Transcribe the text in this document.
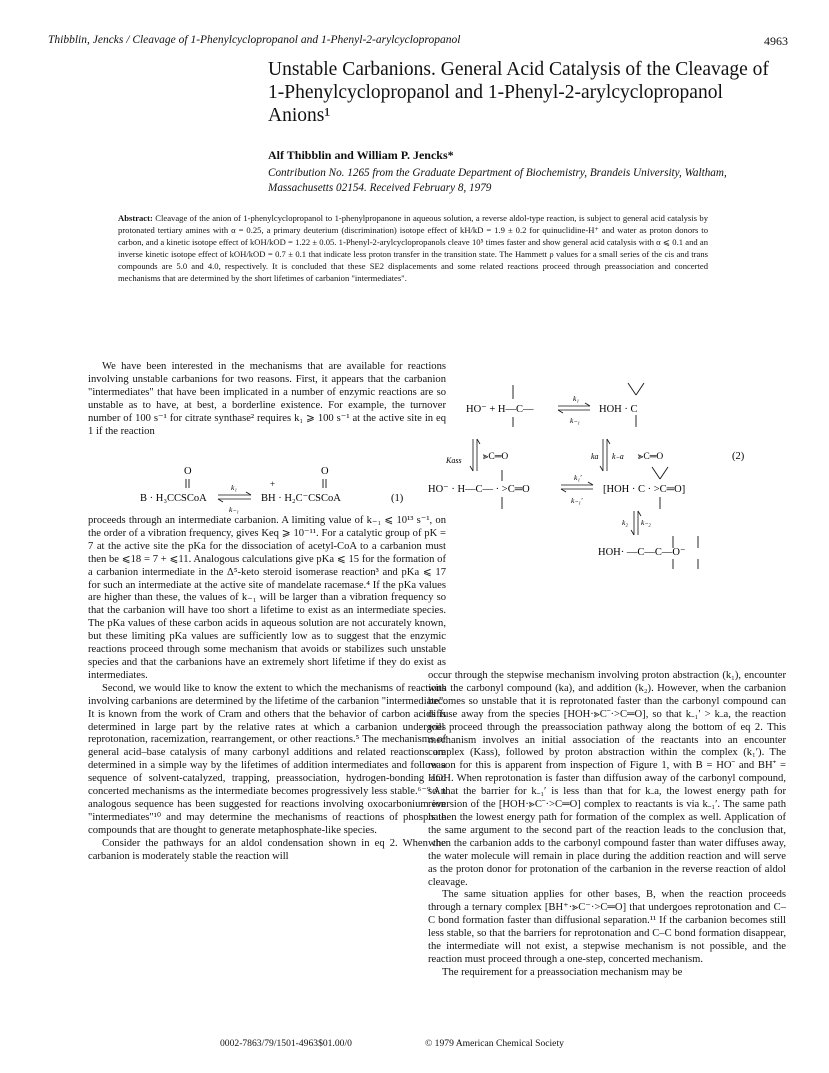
Thibblin, Jencks / Cleavage of 1-Phenylcyclopropanol and 1-Phenyl-2-arylcyclopropanol	4963
Unstable Carbanions. General Acid Catalysis of the Cleavage of 1-Phenylcyclopropanol and 1-Phenyl-2-arylcyclopropanol Anions¹
Alf Thibblin and William P. Jencks*
Contribution No. 1265 from the Graduate Department of Biochemistry, Brandeis University, Waltham, Massachusetts 02154. Received February 8, 1979
Abstract: Cleavage of the anion of 1-phenylcyclopropanol to 1-phenylpropanone in aqueous solution, a reverse aldol-type reaction, is subject to general acid catalysis by protonated tertiary amines with α = 0.25, a primary deuterium (discrimination) isotope effect of kH/kD = 1.9 ± 0.2 for quinuclidine-H⁺ and water as proton donors to carbon, and a kinetic isotope effect of kOH/kOD = 1.22 ± 0.05. 1-Phenyl-2-arylcyclopropanols cleave 10⁵ times faster and show general acid catalysis with α ⩽ 0.1 and an inverse kinetic isotope effect of kOH/kOD = 0.7 ± 0.1 that indicate less proton transfer in the transition state. The Hammett ρ values for a small series of the cis and trans compounds are 5.0 and 4.0, respectively. It is concluded that these SE2 displacements and some related reactions proceed through preassociation and concerted mechanisms that are determined by the short lifetimes of carbanion "intermediates".

We have been interested in the mechanisms that are available for reactions involving unstable carbanions for two reasons. First, it appears that the carbanion "intermediates" that have been implicated in a number of enzymic reactions are so unstable as to have, at best, a borderline existence. For example, the turnover number of 100 s⁻¹ for citrate synthase² requires k₁ ⩾ 100 s⁻¹ at the active site in eq 1 if the reaction

O	O
+
B · H₃CCSCoA
k₁
k₋₁
BH · H₂C⁻CSCoA	(1)

proceeds through an intermediate carbanion. A limiting value of k₋₁ ⩽ 10¹³ s⁻¹, on the order of a vibration frequency, gives Keq ⩾ 10⁻¹¹. For a catalytic group of pK = 7 at the active site the pKa for the dissociation of acetyl-CoA to a carbanion must then be ⩽18 = 7 + ⩽11. Analogous calculations give pKa ⩽ 15 for the formation of a carbanion intermediate in the Δ⁵-keto steroid isomerase reaction³ and pKa ⩽ 17 for such an intermediate at the active site of mandelate racemase.⁴ If the pKa values are higher than these, the values of k₋₁ will be larger than a vibration frequency so that the carbanion will have too short a lifetime to exist as an intermediate species. The pKa values of these carbon acids in aqueous solution are not accurately known, but these limiting pKa values are sufficiently low as to suggest that the enzymic reactions proceed through some mechanism that avoids or stabilizes such unstable species and that the carbanions have an extremely short lifetime if they do exist as intermediates.

Second, we would like to know the extent to which the mechanisms of reactions involving carbanions are determined by the lifetime of the carbanion "intermediate". It is known from the work of Cram and others that the behavior of carbon acids is determined in large part by the relative rates at which a carbanion undergoes reprotonation, racemization, rearrangement, or other reactions.⁵ The mechanisms of general acid–base catalysis of many carbonyl additions and related reactions are determined in a simple way by the lifetimes of addition intermediates and follow a sequence of solvent-catalyzed, trapping, preassociation, hydrogen-bonding and concerted mechanisms as the intermediate becomes progressively less stable.⁶⁻⁹ An analogous sequence has been suggested for reactions involving oxocarbonium ion "intermediates"¹⁰ and may determine the mechanisms of reactions of phosphate compounds that are thought to generate metaphosphate-like species.

Consider the pathways for an aldol condensation shown in eq 2. When the carbanion is moderately stable the reaction will

HO⁻ + H—C—
k₁
k₋₁
HOH · C
Kass ⪢C═O	ka k₋a ⪢C═O	(2)
HO⁻ · H—C— · >C═O
k₁′
k₋₁′
[HOH · C · >C═O]
k₂ k₋₂
HOH· —C—C—O⁻

occur through the stepwise mechanism involving proton abstraction (k₁), encounter with the carbonyl compound (ka), and addition (k₂). However, when the carbanion becomes so unstable that it is reprotonated faster than the carbonyl compound can diffuse away from the species [HOH·⪢C⁻·>C═O], so that k₋₁′ > k₋a, the reaction will proceed through the preassociation pathway along the bottom of eq 2. This mechanism involves an initial association of the reactants into an encounter complex (Kass), followed by proton abstraction within the complex (k₁′). The reason for this is apparent from inspection of Figure 1, with B = HO⁻ and BH⁺ = HOH. When reprotonation is faster than diffusion away of the carbonyl compound, so that the barrier for k₋₁′ is less than that for k₋a, the lowest energy path for reversion of the [HOH·⪢C⁻·>C═O] complex to reactants is via k₋₁′. The same path is then the lowest energy path for formation of the complex as well. Application of the same argument to the second part of the reaction leads to the conclusion that, when the carbanion adds to the carbonyl compound faster than water diffuses away, the water molecule will remain in place during the addition reaction and will serve as the proton donor for protonation of the carbanion in the reverse reaction of aldol cleavage.

The same situation applies for other bases, B, when the reaction proceeds through a ternary complex [BH⁺·⪢C⁻·>C═O] that undergoes reprotonation and C–C bond formation faster than diffusional separation.¹¹ If the carbanion becomes still less stable, so that the barriers for reprotonation and C–C bond formation disappear, the intermediate will not exist, a stepwise mechanism is not possible, and the reaction must proceed through a one-step, concerted mechanism.

The requirement for a preassociation mechanism may be

0002-7863/79/1501-4963$01.00/0	© 1979 American Chemical Society
